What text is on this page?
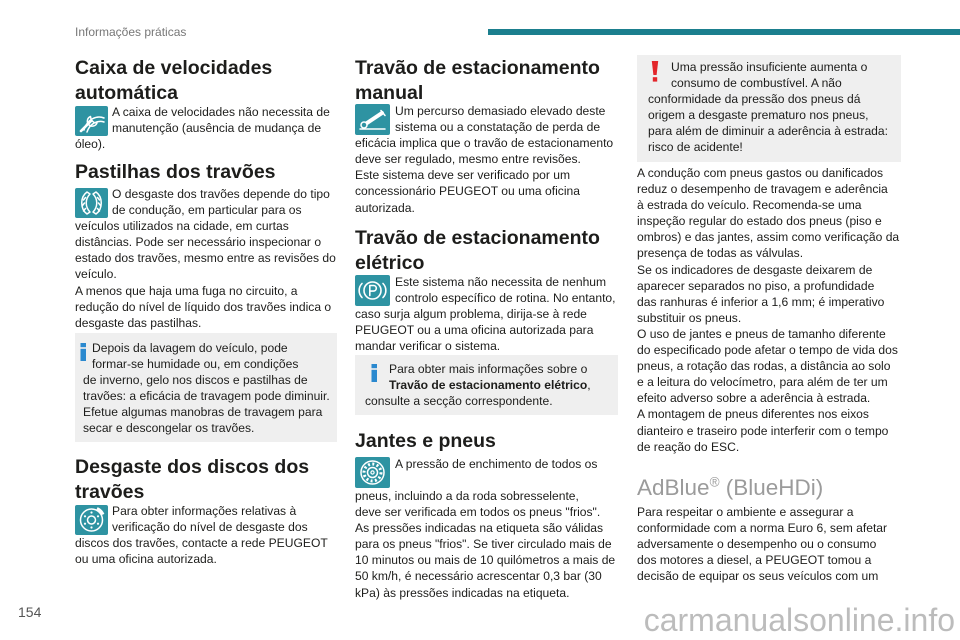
Informações práticas
Caixa de velocidades
automática
A caixa de velocidades não necessita de
manutenção (ausência de mudança de
óleo).
Pastilhas dos travões
O desgaste dos travões depende do tipo
de condução, em particular para os
veículos utilizados na cidade, em curtas
distâncias. Pode ser necessário inspecionar o
estado dos travões, mesmo entre as revisões do
veículo.
A menos que haja uma fuga no circuito, a
redução do nível de líquido dos travões indica o
desgaste das pastilhas.
Depois da lavagem do veículo, pode
formar-se humidade ou, em condições
de inverno, gelo nos discos e pastilhas de
travões: a eficácia de travagem pode diminuir.
Efetue algumas manobras de travagem para
secar e descongelar os travões.
Desgaste dos discos dos
travões
Para obter informações relativas à
verificação do nível de desgaste dos
discos dos travões, contacte a rede PEUGEOT
ou uma oficina autorizada.
Travão de estacionamento
manual
Um percurso demasiado elevado deste
sistema ou a constatação de perda de
eficácia implica que o travão de estacionamento
deve ser regulado, mesmo entre revisões.
Este sistema deve ser verificado por um
concessionário PEUGEOT ou uma oficina
autorizada.
Travão de estacionamento
elétrico
Este sistema não necessita de nenhum
controlo específico de rotina. No entanto,
caso surja algum problema, dirija-se à rede
PEUGEOT ou a uma oficina autorizada para
mandar verificar o sistema.
Para obter mais informações sobre o
Travão de estacionamento elétrico,
consulte a secção correspondente.
Jantes e pneus
A pressão de enchimento de todos os
pneus, incluindo a da roda sobresselente,
deve ser verificada em todos os pneus "frios".
As pressões indicadas na etiqueta são válidas
para os pneus "frios". Se tiver circulado mais de
10 minutos ou mais de 10 quilómetros a mais de
50 km/h, é necessário acrescentar 0,3 bar (30
kPa) às pressões indicadas na etiqueta.
Uma pressão insuficiente aumenta o
consumo de combustível. A não
conformidade da pressão dos pneus dá
origem a desgaste prematuro nos pneus,
para além de diminuir a aderência à estrada:
risco de acidente!
A condução com pneus gastos ou danificados
reduz o desempenho de travagem e aderência
à estrada do veículo. Recomenda-se uma
inspeção regular do estado dos pneus (piso e
ombros) e das jantes, assim como verificação da
presença de todas as válvulas.
Se os indicadores de desgaste deixarem de
aparecer separados no piso, a profundidade
das ranhuras é inferior a 1,6 mm; é imperativo
substituir os pneus.
O uso de jantes e pneus de tamanho diferente
do especificado pode afetar o tempo de vida dos
pneus, a rotação das rodas, a distância ao solo
e a leitura do velocímetro, para além de ter um
efeito adverso sobre a aderência à estrada.
A montagem de pneus diferentes nos eixos
dianteiro e traseiro pode interferir com o tempo
de reação do ESC.
AdBlue® (BlueHDi)
Para respeitar o ambiente e assegurar a
conformidade com a norma Euro 6, sem afetar
adversamente o desempenho ou o consumo
dos motores a diesel, a PEUGEOT tomou a
decisão de equipar os seus veículos com um
154	carmanualsonline.info
